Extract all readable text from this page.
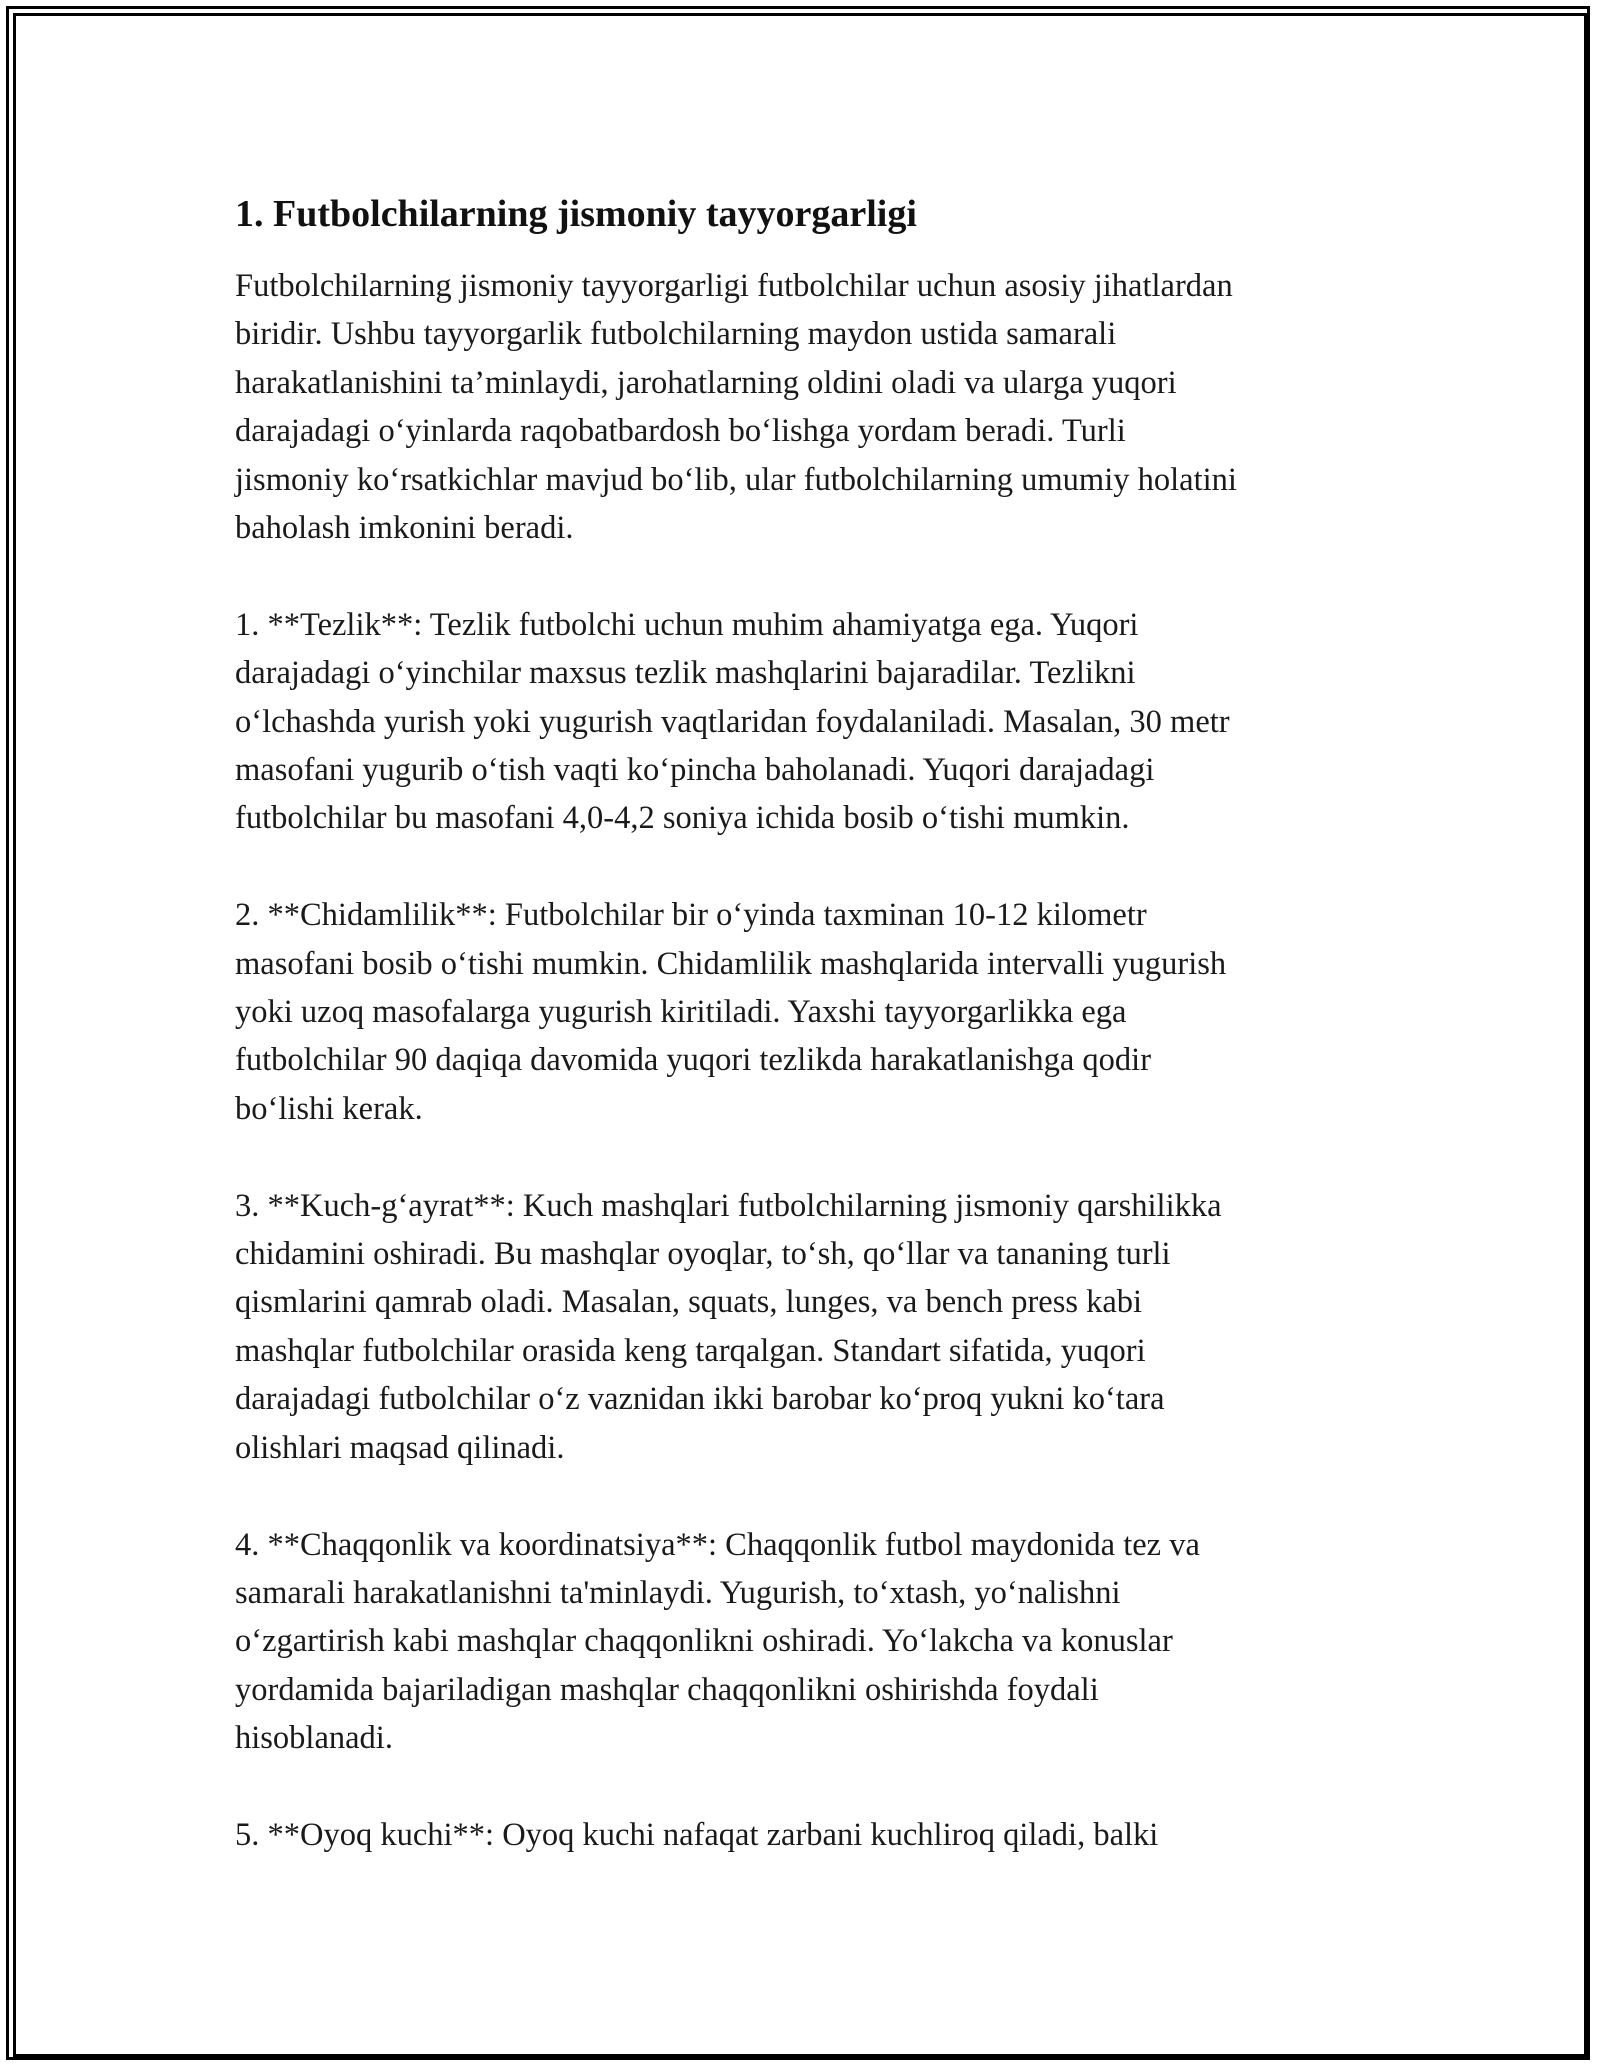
1. Futbolchilarning jismoniy tayyorgarligi
Futbolchilarning jismoniy tayyorgarligi futbolchilar uchun asosiy jihatlardan
biridir. Ushbu tayyorgarlik futbolchilarning maydon ustida samarali
harakatlanishini ta’minlaydi, jarohatlarning oldini oladi va ularga yuqori
darajadagi o‘yinlarda raqobatbardosh bo‘lishga yordam beradi. Turli
jismoniy ko‘rsatkichlar mavjud bo‘lib, ular futbolchilarning umumiy holatini
baholash imkonini beradi.
1. **Tezlik**: Tezlik futbolchi uchun muhim ahamiyatga ega. Yuqori
darajadagi o‘yinchilar maxsus tezlik mashqlarini bajaradilar. Tezlikni
o‘lchashda yurish yoki yugurish vaqtlaridan foydalaniladi. Masalan, 30 metr
masofani yugurib o‘tish vaqti ko‘pincha baholanadi. Yuqori darajadagi
futbolchilar bu masofani 4,0-4,2 soniya ichida bosib o‘tishi mumkin.
2. **Chidamlilik**: Futbolchilar bir o‘yinda taxminan 10-12 kilometr
masofani bosib o‘tishi mumkin. Chidamlilik mashqlarida intervalli yugurish
yoki uzoq masofalarga yugurish kiritiladi. Yaxshi tayyorgarlikka ega
futbolchilar 90 daqiqa davomida yuqori tezlikda harakatlanishga qodir
bo‘lishi kerak.
3. **Kuch-g‘ayrat**: Kuch mashqlari futbolchilarning jismoniy qarshilikka
chidamini oshiradi. Bu mashqlar oyoqlar, to‘sh, qo‘llar va tananing turli
qismlarini qamrab oladi. Masalan, squats, lunges, va bench press kabi
mashqlar futbolchilar orasida keng tarqalgan. Standart sifatida, yuqori
darajadagi futbolchilar o‘z vaznidan ikki barobar ko‘proq yukni ko‘tara
olishlari maqsad qilinadi.
4. **Chaqqonlik va koordinatsiya**: Chaqqonlik futbol maydonida tez va
samarali harakatlanishni ta'minlaydi. Yugurish, to‘xtash, yo‘nalishni
o‘zgartirish kabi mashqlar chaqqonlikni oshiradi. Yo‘lakcha va konuslar
yordamida bajariladigan mashqlar chaqqonlikni oshirishda foydali
hisoblanadi.
5. **Oyoq kuchi**: Oyoq kuchi nafaqat zarbani kuchliroq qiladi, balki
